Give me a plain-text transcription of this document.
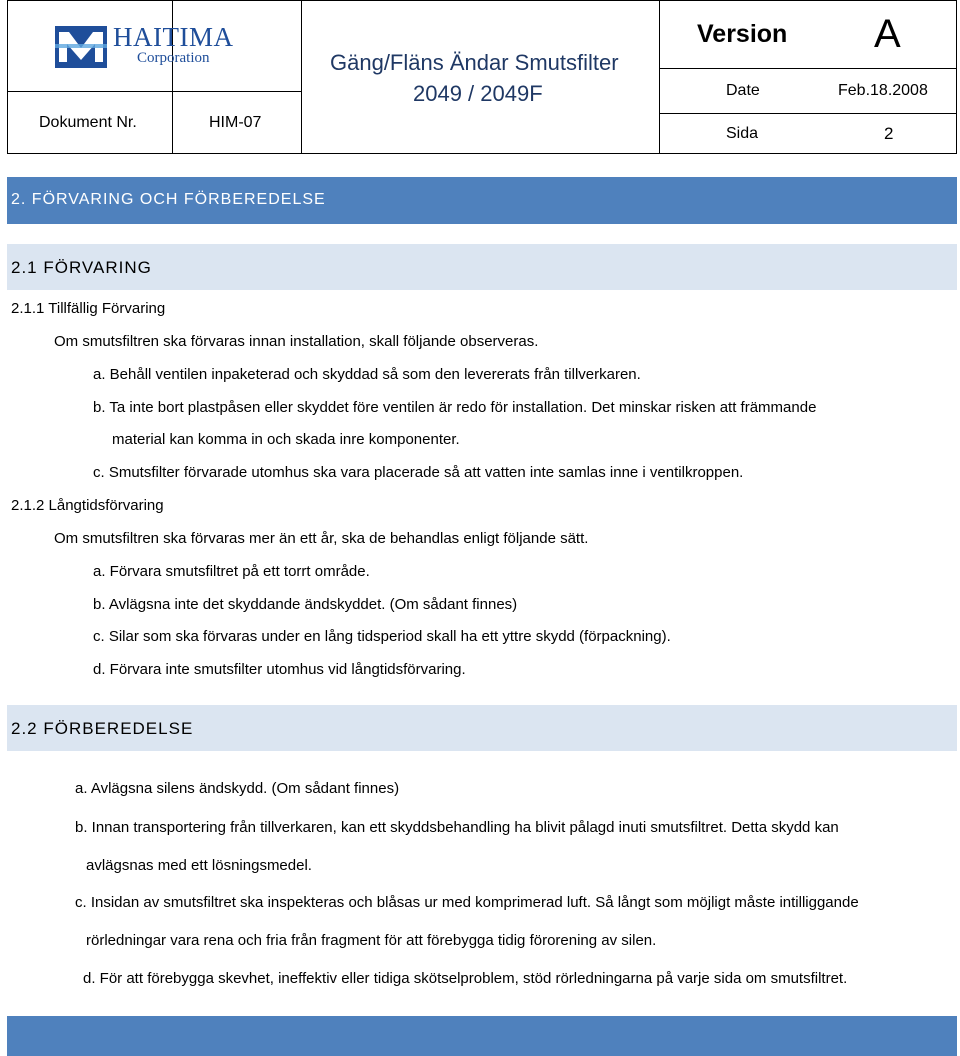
HAITIMA
Corporation
Dokument Nr.	HIM-07
Gäng/Fläns Ändar Smutsfilter
2049 / 2049F
Version A
Date	Feb.18.2008
Sida	2
2. FÖRVARING OCH FÖRBEREDELSE
2.1 FÖRVARING
2.1.1 Tillfällig Förvaring
Om smutsfiltren ska förvaras innan installation, skall följande observeras.
a. Behåll ventilen inpaketerad och skyddad så som den levererats från tillverkaren.
b. Ta inte bort plastpåsen eller skyddet före ventilen är redo för installation. Det minskar risken att främmande
material kan komma in och skada inre komponenter.
c. Smutsfilter förvarade utomhus ska vara placerade så att vatten inte samlas inne i ventilkroppen.
2.1.2 Långtidsförvaring
Om smutsfiltren ska förvaras mer än ett år, ska de behandlas enligt följande sätt.
a. Förvara smutsfiltret på ett torrt område.
b. Avlägsna inte det skyddande ändskyddet. (Om sådant finnes)
c. Silar som ska förvaras under en lång tidsperiod skall ha ett yttre skydd (förpackning).
d. Förvara inte smutsfilter utomhus vid långtidsförvaring.
2.2 FÖRBEREDELSE
a. Avlägsna silens ändskydd. (Om sådant finnes)
b. Innan transportering från tillverkaren, kan ett skyddsbehandling ha blivit pålagd inuti smutsfiltret. Detta skydd kan
avlägsnas med ett lösningsmedel.
c. Insidan av smutsfiltret ska inspekteras och blåsas ur med komprimerad luft. Så långt som möjligt måste intilliggande
rörledningar vara rena och fria från fragment för att förebygga tidig förorening av silen.
d. För att förebygga skevhet, ineffektiv eller tidiga skötselproblem, stöd rörledningarna på varje sida om smutsfiltret.
